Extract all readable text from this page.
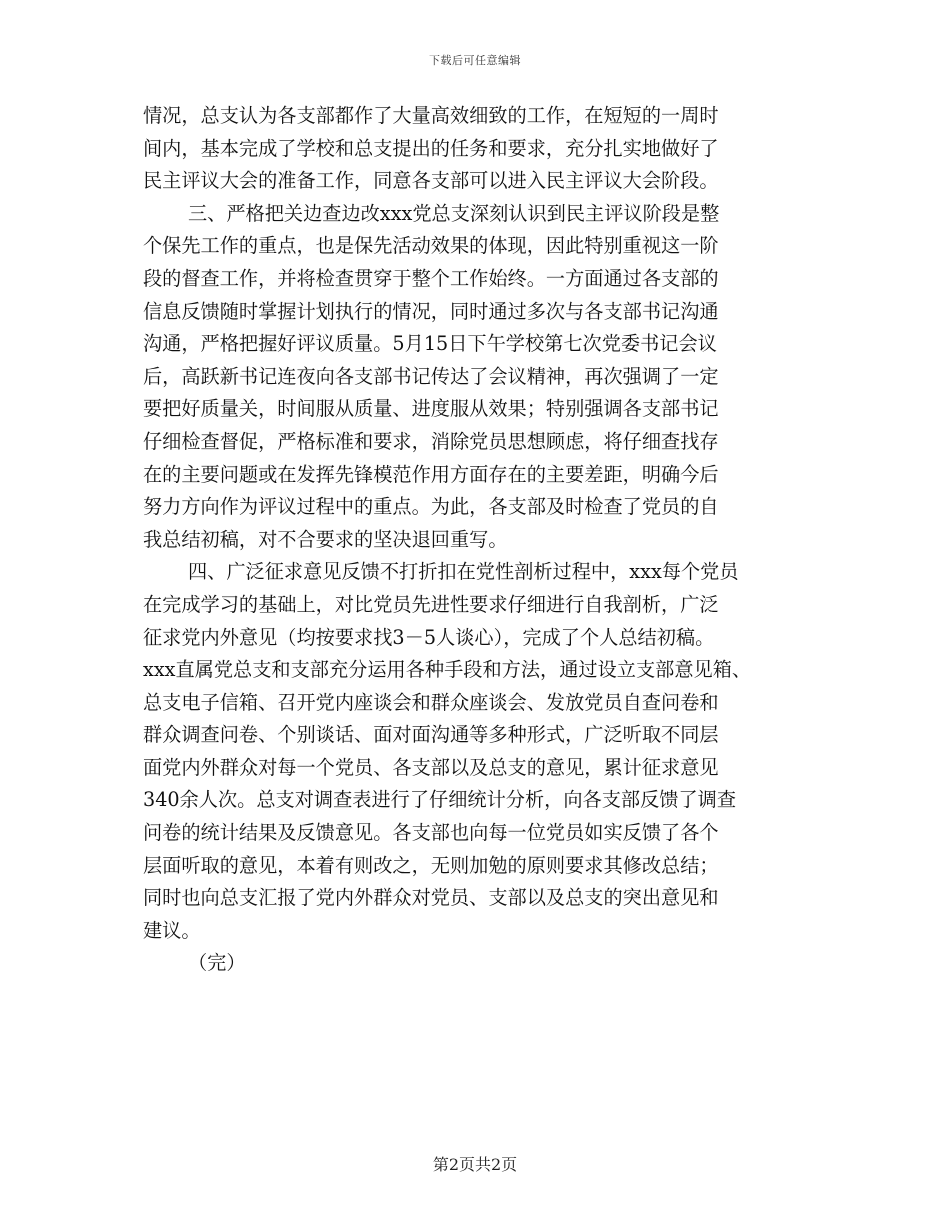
下载后可任意编辑
情况，总支认为各支部都作了大量高效细致的工作，在短短的一周时
间内，基本完成了学校和总支提出的任务和要求，充分扎实地做好了
民主评议大会的准备工作，同意各支部可以进入民主评议大会阶段。
三、严格把关边查边改xxx党总支深刻认识到民主评议阶段是整
个保先工作的重点，也是保先活动效果的体现，因此特别重视这一阶
段的督查工作，并将检查贯穿于整个工作始终。一方面通过各支部的
信息反馈随时掌握计划执行的情况，同时通过多次与各支部书记沟通
沟通，严格把握好评议质量。5月15日下午学校第七次党委书记会议
后，高跃新书记连夜向各支部书记传达了会议精神，再次强调了一定
要把好质量关，时间服从质量、进度服从效果；特别强调各支部书记
仔细检查督促，严格标准和要求，消除党员思想顾虑，将仔细查找存
在的主要问题或在发挥先锋模范作用方面存在的主要差距，明确今后
努力方向作为评议过程中的重点。为此，各支部及时检查了党员的自
我总结初稿，对不合要求的坚决退回重写。
四、广泛征求意见反馈不打折扣在党性剖析过程中，xxx每个党员
在完成学习的基础上，对比党员先进性要求仔细进行自我剖析，广泛
征求党内外意见（均按要求找3－5人谈心），完成了个人总结初稿。
xxx直属党总支和支部充分运用各种手段和方法，通过设立支部意见箱、
总支电子信箱、召开党内座谈会和群众座谈会、发放党员自查问卷和
群众调查问卷、个别谈话、面对面沟通等多种形式，广泛听取不同层
面党内外群众对每一个党员、各支部以及总支的意见，累计征求意见
340余人次。总支对调查表进行了仔细统计分析，向各支部反馈了调查
问卷的统计结果及反馈意见。各支部也向每一位党员如实反馈了各个
层面听取的意见，本着有则改之，无则加勉的原则要求其修改总结；
同时也向总支汇报了党内外群众对党员、支部以及总支的突出意见和
建议。
（完）
第2页共2页
